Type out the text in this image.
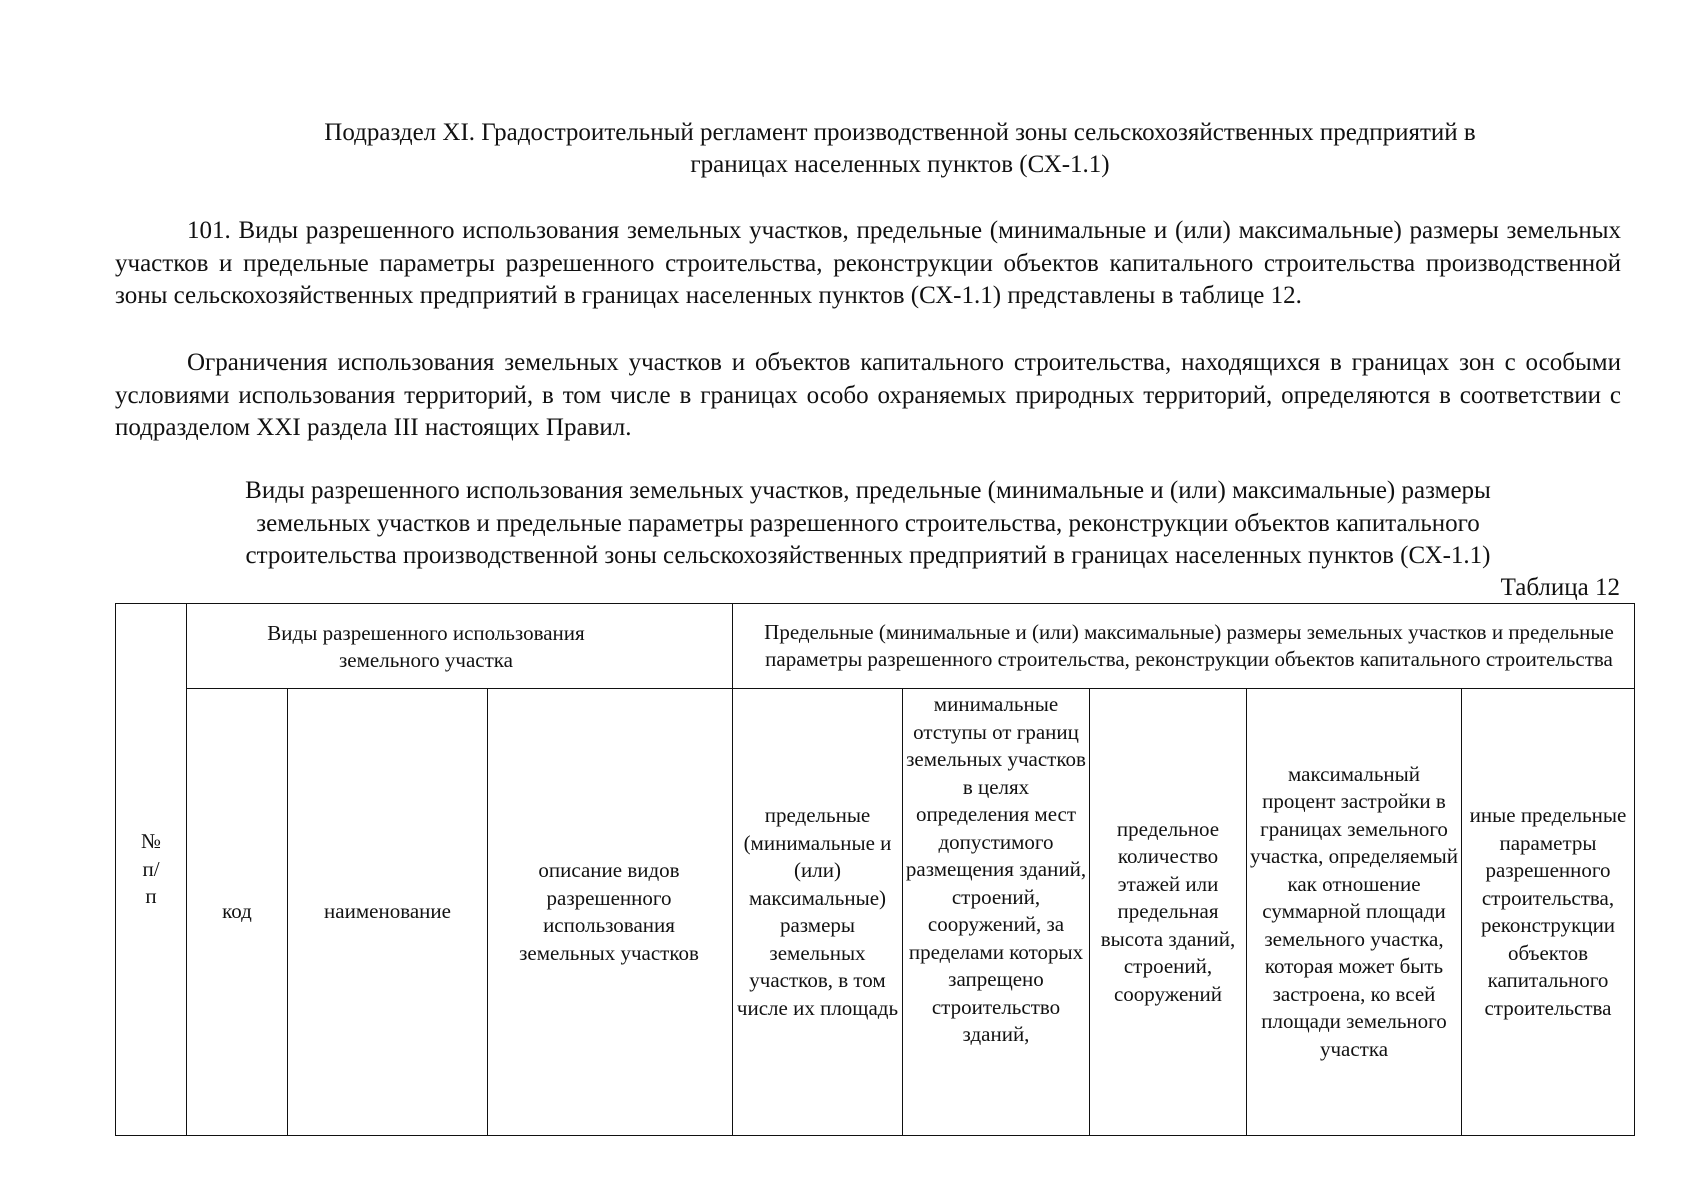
Подраздел XI. Градостроительный регламент производственной зоны сельскохозяйственных предприятий в
границах населенных пунктов (СХ-1.1)

101. Виды разрешенного использования земельных участков, предельные (минимальные и (или) максимальные) размеры земельных участков и предельные параметры разрешенного строительства, реконструкции объектов капитального строительства производственной зоны сельскохозяйственных предприятий в границах населенных пунктов (СХ-1.1) представлены в таблице 12.

Ограничения использования земельных участков и объектов капитального строительства, находящихся в границах зон с особыми условиями использования территорий, в том числе в границах особо охраняемых природных территорий, определяются в соответствии с подразделом XXI раздела III настоящих Правил.

Виды разрешенного использования земельных участков, предельные (минимальные и (или) максимальные) размеры
земельных участков и предельные параметры разрешенного строительства, реконструкции объектов капитального
строительства производственной зоны сельскохозяйственных предприятий в границах населенных пунктов (СХ-1.1)
Таблица 12
№ п/п
Виды разрешенного использования земельного участка
Предельные (минимальные и (или) максимальные) размеры земельных участков и предельные параметры разрешенного строительства, реконструкции объектов капитального строительства
код	наименование
описание видов разрешенного использования земельных участков
предельные (минимальные и (или) максимальные) размеры земельных участков, в том числе их площадь
минимальные отступы от границ земельных участков в целях определения мест допустимого размещения зданий, строений, сооружений, за пределами которых запрещено строительство зданий,
предельное количество этажей или предельная высота зданий, строений, сооружений
максимальный процент застройки в границах земельного участка, определяемый как отношение суммарной площади земельного участка, которая может быть застроена, ко всей площади земельного участка
иные предельные параметры разрешенного строительства, реконструкции объектов капитального строительства
